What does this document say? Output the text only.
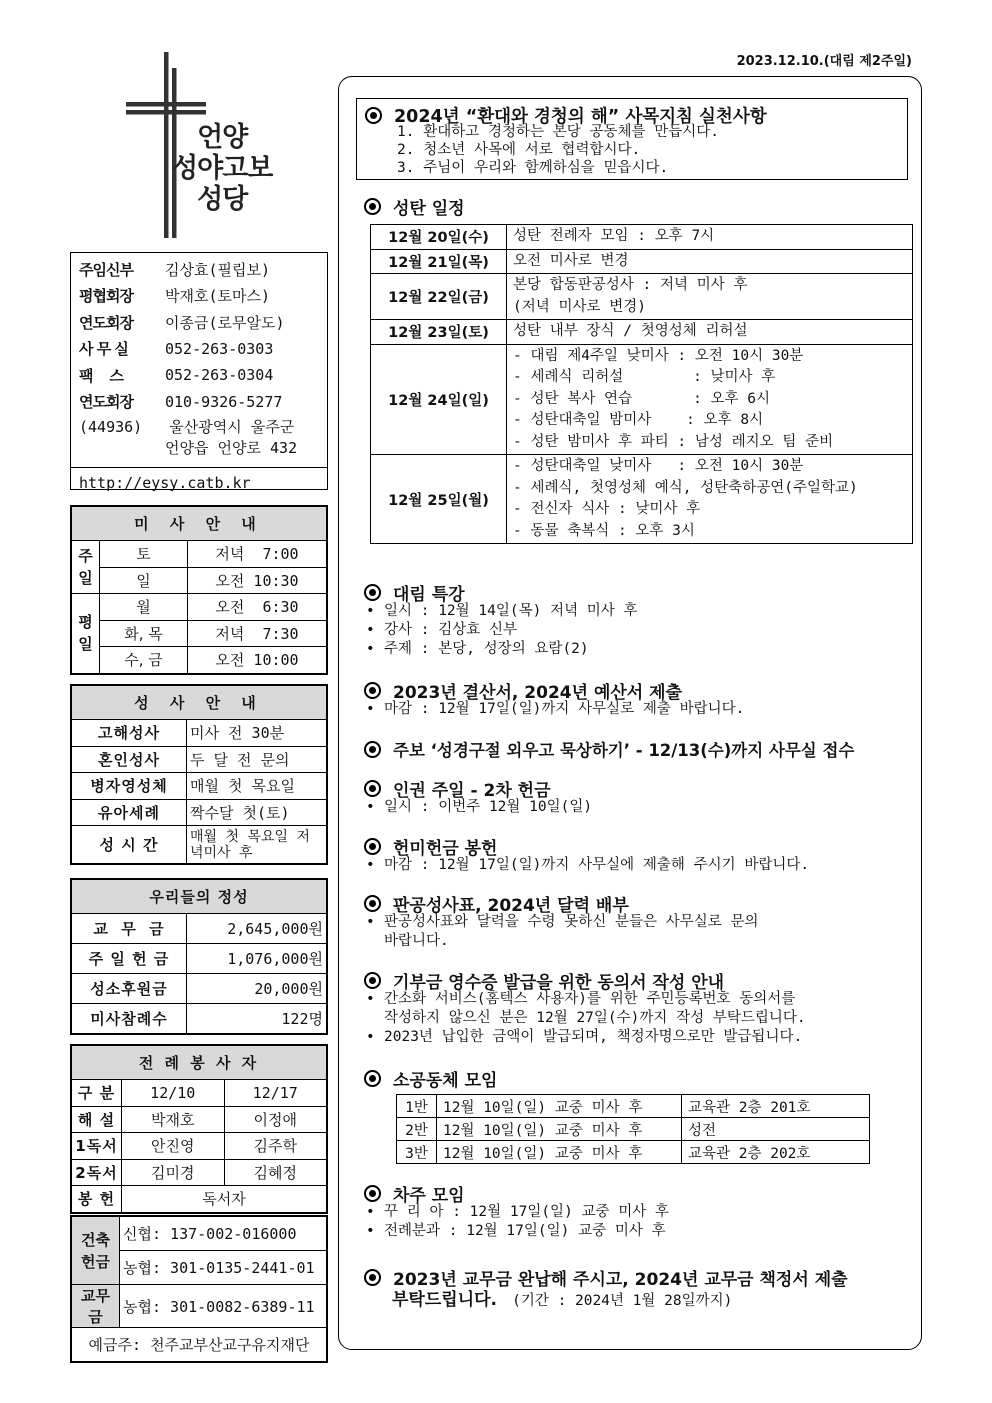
2023.12.10.(대림 제2주일)
언양
성야고보
성당
주임신부	김상효(필립보)
평협회장	박재호(토마스)
연도회장	이종금(로무알도)
사 무 실	052-263-0303
팩    스	052-263-0304
연도회장	010-9326-5277
(44936)   울산광역시 울주군
언양읍 언양로 432
http://eysy.catb.kr
미 사 안 내		
주일	토	저녁  7:00
	일	오전 10:30
평일	월	오전  6:30
	화, 목	저녁  7:30
	수, 금	오전 10:00
성 사 안 내	
고해성사	미사 전 30분
혼인성사	두 달 전 문의
병자영성체	매월 첫 목요일
유아세례	짝수달 첫(토)
성 시 간	매월 첫 목요일 저녁미사 후
우리들의 정성	
교  무  금	2,645,000원
주 일 헌 금	1,076,000원
성소후원금	20,000원
미사참례수	122명
전 례 봉 사 자		
구 분	12/10	12/17
해 설	박재호	이정애
1독서	안진영	김주학
2독서	김미경	김혜정
봉 헌	독서자	
건축헌금	신협: 137-002-016000
	농협: 301-0135-2441-01
교무금	농협: 301-0082-6389-11
예금주: 천주교부산교구유지재단	
2024년 “환대와 경청의 해” 사목지침 실천사항
1. 환대하고 경청하는 본당 공동체를 만듭시다.
2. 청소년 사목에 서로 협력합시다.
3. 주님이 우리와 함께하심을 믿읍시다.
성탄 일정
12월 20일(수)	성탄 전례자 모임 : 오후 7시
12월 21일(목)	오전 미사로 변경
12월 22일(금)	본당 합동판공성사 : 저녁 미사 후
(저녁 미사로 변경)

12월 23일(토)	성탄 내부 장식 / 첫영성체 리허설
12월 24일(일)	- 대림 제4주일 낮미사 : 오전 10시 30분
- 세례식 리허설        : 낮미사 후
- 성탄 복사 연습       : 오후 6시
- 성탄대축일 밤미사    : 오후 8시
- 성탄 밤미사 후 파티 : 남성 레지오 팀 준비

12월 25일(월)	- 성탄대축일 낮미사   : 오전 10시 30분
- 세례식, 첫영성체 예식, 성탄축하공연(주일학교)
- 전신자 식사 : 낮미사 후
- 동물 축복식 : 오후 3시
대림 특강
• 일시 : 12월 14일(목) 저녁 미사 후
• 강사 : 김상효 신부
• 주제 : 본당, 성장의 요람(2)
2023년 결산서, 2024년 예산서 제출
• 마감 : 12월 17일(일)까지 사무실로 제출 바랍니다.
주보 ‘성경구절 외우고 묵상하기’ - 12/13(수)까지 사무실 접수
인권 주일 - 2차 헌금
• 일시 : 이번주 12월 10일(일)
헌미헌금 봉헌
• 마감 : 12월 17일(일)까지 사무실에 제출해 주시기 바랍니다.
판공성사표, 2024년 달력 배부
• 판공성사표와 달력을 수령 못하신 분들은 사무실로 문의
바랍니다.
기부금 영수증 발급을 위한 동의서 작성 안내
• 간소화 서비스(홈텍스 사용자)를 위한 주민등록번호 동의서를
작성하지 않으신 분은 12월 27일(수)까지 작성 부탁드립니다.
• 2023년 납입한 금액이 발급되며, 책정자명으로만 발급됩니다.
소공동체 모임
1반	12월 10일(일) 교중 미사 후	교육관 2층 201호
2반	12월 10일(일) 교중 미사 후	성전
3반	12월 10일(일) 교중 미사 후	교육관 2층 202호
차주 모임
• 꾸 리 아 : 12월 17일(일) 교중 미사 후
• 전례분과 : 12월 17일(일) 교중 미사 후
2023년 교무금 완납해 주시고, 2024년 교무금 책정서 제출
부탁드립니다. (기간 : 2024년 1월 28일까지)
